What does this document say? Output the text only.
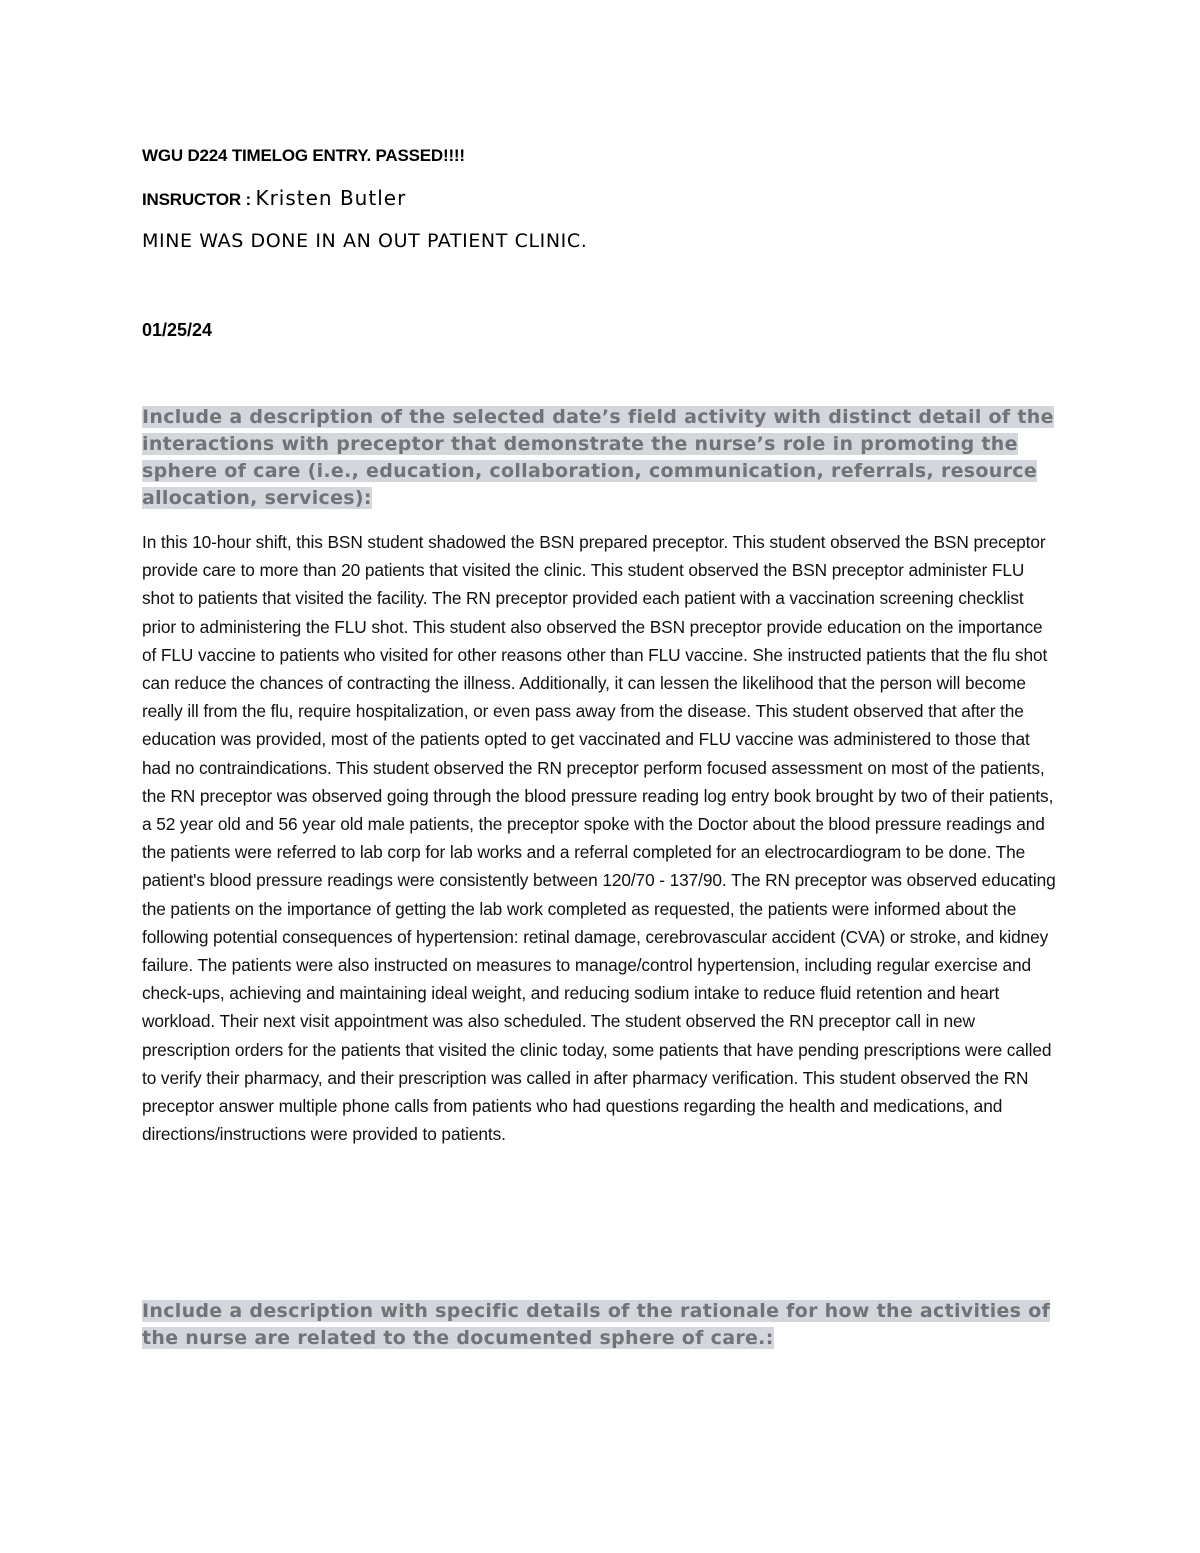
WGU D224 TIMELOG ENTRY. PASSED!!!!
INSRUCTOR : Kristen Butler
MINE WAS DONE IN AN OUT PATIENT CLINIC.
01/25/24
Include a description of the selected date’s field activity with distinct detail of the interactions with preceptor that demonstrate the nurse’s role in promoting the sphere of care (i.e., education, collaboration, communication, referrals, resource allocation, services):
In this 10-hour shift, this BSN student shadowed the BSN prepared preceptor. This student observed the BSN preceptor provide care to more than 20 patients that visited the clinic. This student observed the BSN preceptor administer FLU shot to patients that visited the facility. The RN preceptor provided each patient with a vaccination screening checklist prior to administering the FLU shot. This student also observed the BSN preceptor provide education on the importance of FLU vaccine to patients who visited for other reasons other than FLU vaccine. She instructed patients that the flu shot can reduce the chances of contracting the illness. Additionally, it can lessen the likelihood that the person will become really ill from the flu, require hospitalization, or even pass away from the disease. This student observed that after the education was provided, most of the patients opted to get vaccinated and FLU vaccine was administered to those that had no contraindications. This student observed the RN preceptor perform focused assessment on most of the patients, the RN preceptor was observed going through the blood pressure reading log entry book brought by two of their patients, a 52 year old and 56 year old male patients, the preceptor spoke with the Doctor about the blood pressure readings and the patients were referred to lab corp for lab works and a referral completed for an electrocardiogram to be done. The patient's blood pressure readings were consistently between 120/70 - 137/90. The RN preceptor was observed educating the patients on the importance of getting the lab work completed as requested, the patients were informed about the following potential consequences of hypertension: retinal damage, cerebrovascular accident (CVA) or stroke, and kidney failure. The patients were also instructed on measures to manage/control hypertension, including regular exercise and check-ups, achieving and maintaining ideal weight, and reducing sodium intake to reduce fluid retention and heart workload. Their next visit appointment was also scheduled. The student observed the RN preceptor call in new prescription orders for the patients that visited the clinic today, some patients that have pending prescriptions were called to verify their pharmacy, and their prescription was called in after pharmacy verification. This student observed the RN preceptor answer multiple phone calls from patients who had questions regarding the health and medications, and directions/instructions were provided to patients.
Include a description with specific details of the rationale for how the activities of the nurse are related to the documented sphere of care.:
